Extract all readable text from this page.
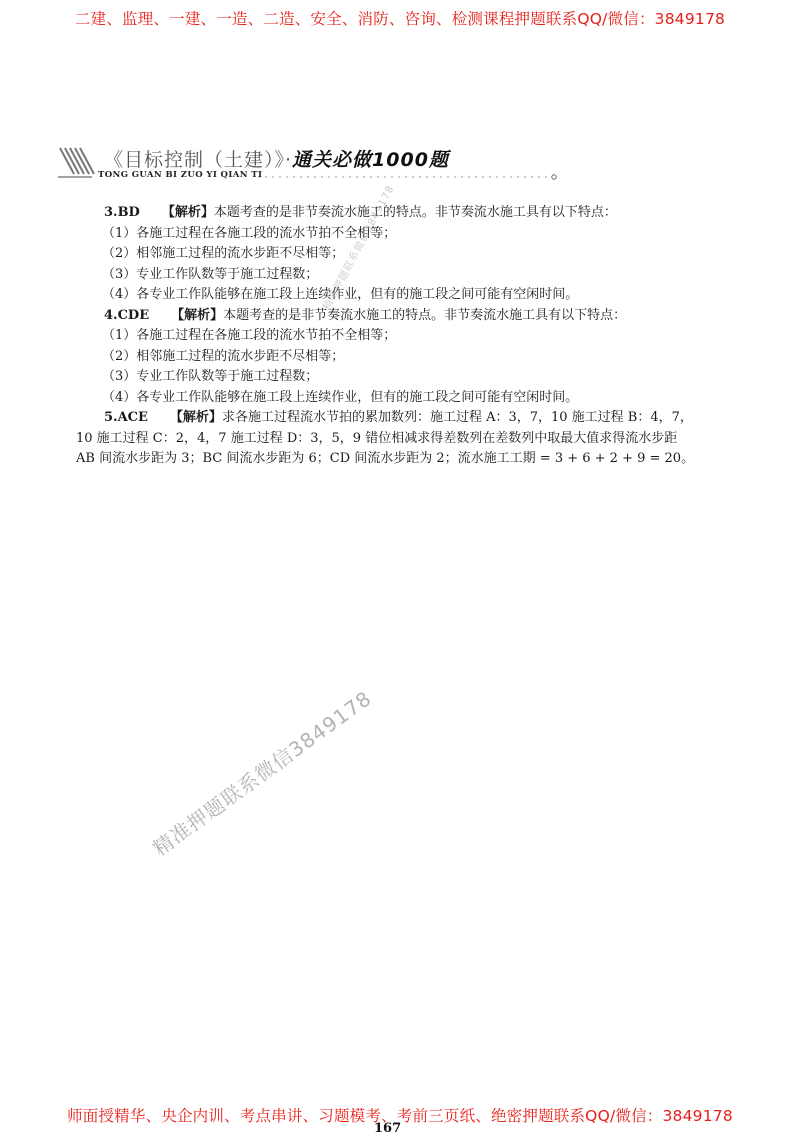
二建、监理、一建、一造、二造、安全、消防、咨询、检测课程押题联系QQ/微信：3849178
《目标控制（土建）》·通关必做1000题
TONG GUAN BI ZUO YI QIAN TI
3.BD 【解析】本题考查的是非节奏流水施工的特点。非节奏流水施工具有以下特点：
（1）各施工过程在各施工段的流水节拍不全相等；
（2）相邻施工过程的流水步距不尽相等；
（3）专业工作队数等于施工过程数；
（4）各专业工作队能够在施工段上连续作业，但有的施工段之间可能有空闲时间。
4.CDE 【解析】本题考查的是非节奏流水施工的特点。非节奏流水施工具有以下特点：
（1）各施工过程在各施工段的流水节拍不全相等；
（2）相邻施工过程的流水步距不尽相等；
（3）专业工作队数等于施工过程数；
（4）各专业工作队能够在施工段上连续作业，但有的施工段之间可能有空闲时间。
5.ACE 【解析】求各施工过程流水节拍的累加数列：施工过程 A：3，7，10 施工过程 B：4，7，
10 施工过程 C：2，4，7 施工过程 D：3，5，9 错位相减求得差数列在差数列中取最大值求得流水步距
AB 间流水步距为 3；BC 间流水步距为 6；CD 间流水步距为 2；流水施工工期 = 3 + 6 + 2 + 9 = 20。
精准押题联系微信3849178
精准押题联系微信3849178
师面授精华、央企内训、考点串讲、习题模考、考前三页纸、绝密押题联系QQ/微信：3849178
167
